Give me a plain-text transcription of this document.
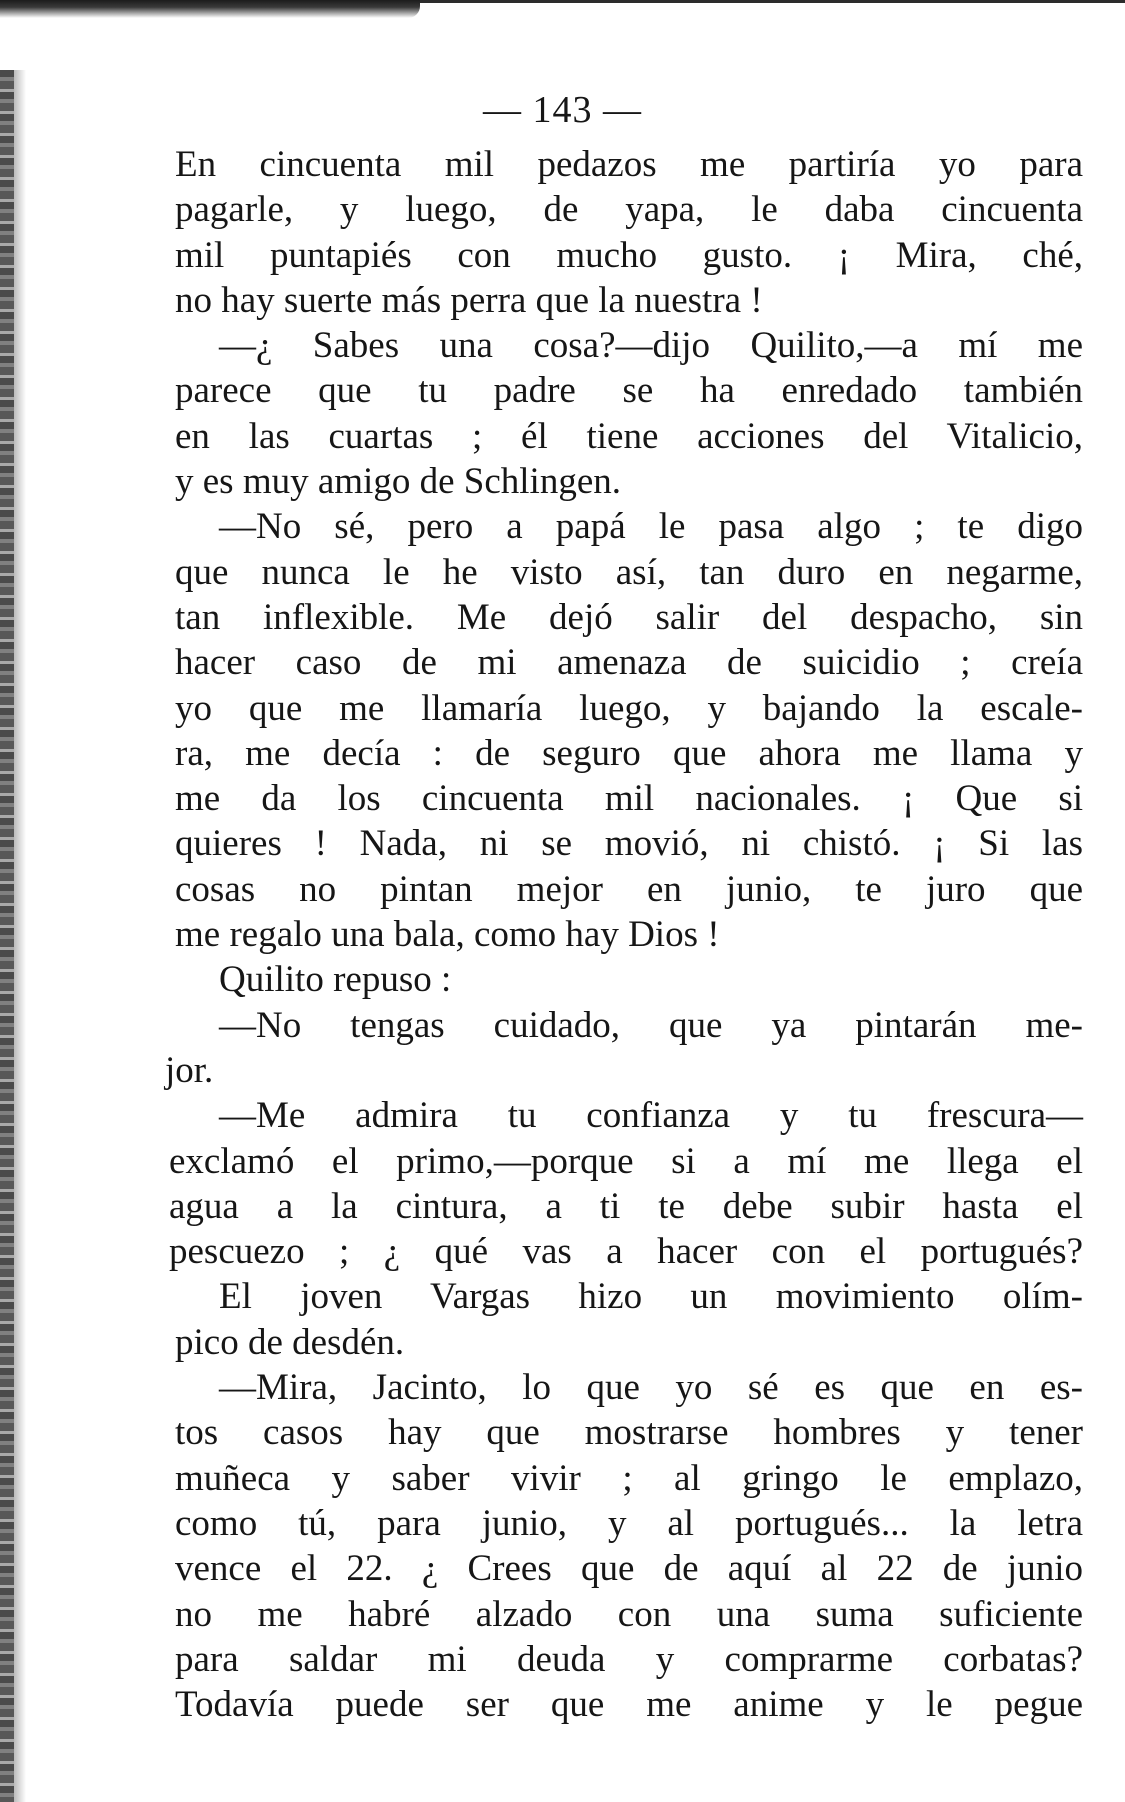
— 143 —
En cincuenta mil pedazos me partiría yo para
pagarle, y luego, de yapa, le daba cincuenta
mil puntapiés con mucho gusto. ¡ Mira, ché,
no hay suerte más perra que la nuestra !
—¿ Sabes una cosa?—dijo Quilito,—a mí me
parece que tu padre se ha enredado también
en las cuartas ; él tiene acciones del Vitalicio,
y es muy amigo de Schlingen.
—No sé, pero a papá le pasa algo ; te digo
que nunca le he visto así, tan duro en negarme,
tan inflexible. Me dejó salir del despacho, sin
hacer caso de mi amenaza de suicidio ; creía
yo que me llamaría luego, y bajando la escale-
ra, me decía : de seguro que ahora me llama y
me da los cincuenta mil nacionales. ¡ Que si
quieres ! Nada, ni se movió, ni chistó. ¡ Si las
cosas no pintan mejor en junio, te juro que
me regalo una bala, como hay Dios !
Quilito repuso :
—No tengas cuidado, que ya pintarán me-
jor.
—Me admira tu confianza y tu frescura—
exclamó el primo,—porque si a mí me llega el
agua a la cintura, a ti te debe subir hasta el
pescuezo ; ¿ qué vas a hacer con el portugués?
El joven Vargas hizo un movimiento olím-
pico de desdén.
—Mira, Jacinto, lo que yo sé es que en es-
tos casos hay que mostrarse hombres y tener
muñeca y saber vivir ; al gringo le emplazo,
como tú, para junio, y al portugués... la letra
vence el 22. ¿ Crees que de aquí al 22 de junio
no me habré alzado con una suma suficiente
para saldar mi deuda y comprarme corbatas?
Todavía puede ser que me anime y le pegue
